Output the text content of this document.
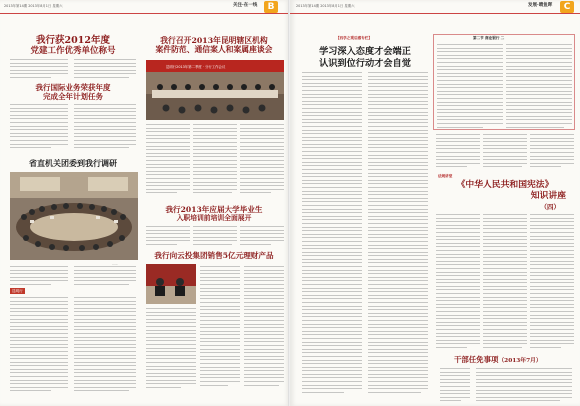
2013年第14期 2013年8月1日 星期六	关注·在一线	B
我行获2012年度
党建工作优秀单位称号
我行国际业务荣获年度
完成全年计划任务
省直机关团委到我行调研
……
昆明行
我行召开2013年昆明辖区机构
案件防范、通信案人和案属座谈会
昆明行2013年第二季度 · 分行工作会议
我行2013年应届大学毕业生
入职培训前培训全面展开
我行向云投集团销售5亿元理财产品
2013年第14期 2013年8月1日 星期六	发展·晴鱼晖	C
【四学之观后感专栏】
学习深入态度才会端正
认识到位行动才会自觉
第二节 商业银行 二
法规讲堂
《中华人民共和国宪法》
知识讲座
（四）
干部任免事项（2013年7月）
